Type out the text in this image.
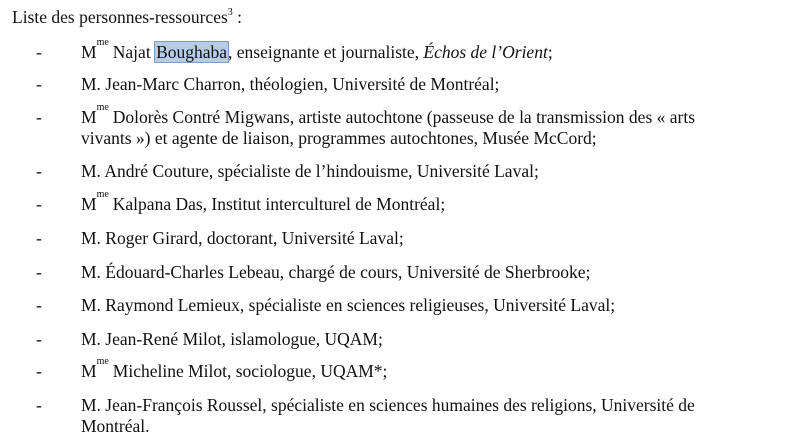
Liste des personnes-ressources$^3$ :
- $M^{me}$ Najat Boughaba, enseignante et journaliste, Échos de l’Orient;
- M. Jean-Marc Charron, théologien, Université de Montréal;
- $M^{me}$ Dolorès Contré Migwans, artiste autochtone (passeuse de la transmission des « arts
vivants ») et agente de liaison, programmes autochtones, Musée McCord;
- M. André Couture, spécialiste de l’hindouisme, Université Laval;
- $M^{me}$ Kalpana Das, Institut interculturel de Montréal;
- M. Roger Girard, doctorant, Université Laval;
- M. Édouard-Charles Lebeau, chargé de cours, Université de Sherbrooke;
- M. Raymond Lemieux, spécialiste en sciences religieuses, Université Laval;
- M. Jean-René Milot, islamologue, UQAM;
- $M^{me}$ Micheline Milot, sociologue, UQAM*;
- M. Jean-François Roussel, spécialiste en sciences humaines des religions, Université de
Montréal.
